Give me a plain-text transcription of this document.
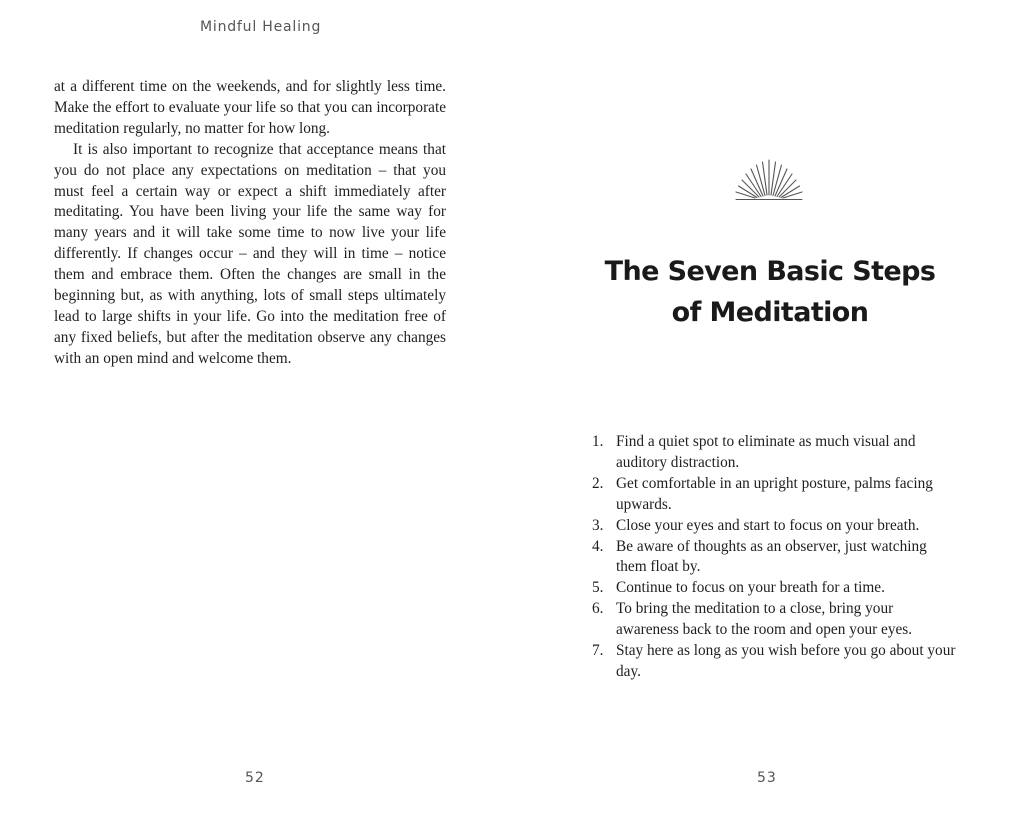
Mindful Healing

at a different time on the weekends, and for slightly less time. Make the effort to evaluate your life so that you can incorporate meditation regularly, no matter for how long.

It is also important to recognize that acceptance means that you do not place any expectations on meditation – that you must feel a certain way or expect a shift immediately after meditating. You have been living your life the same way for many years and it will take some time to now live your life differently. If changes occur – and they will in time – notice them and embrace them. Often the changes are small in the beginning but, as with anything, lots of small steps ultimately lead to large shifts in your life. Go into the meditation free of any fixed beliefs, but after the meditation observe any changes with an open mind and welcome them.

52
The Seven Basic Steps
of Meditation
1. Find a quiet spot to eliminate as much visual and auditory distraction.
2. Get comfortable in an upright posture, palms facing upwards.
3. Close your eyes and start to focus on your breath.
4. Be aware of thoughts as an observer, just watching them float by.
5. Continue to focus on your breath for a time.
6. To bring the meditation to a close, bring your awareness back to the room and open your eyes.
7. Stay here as long as you wish before you go about your day.
53
